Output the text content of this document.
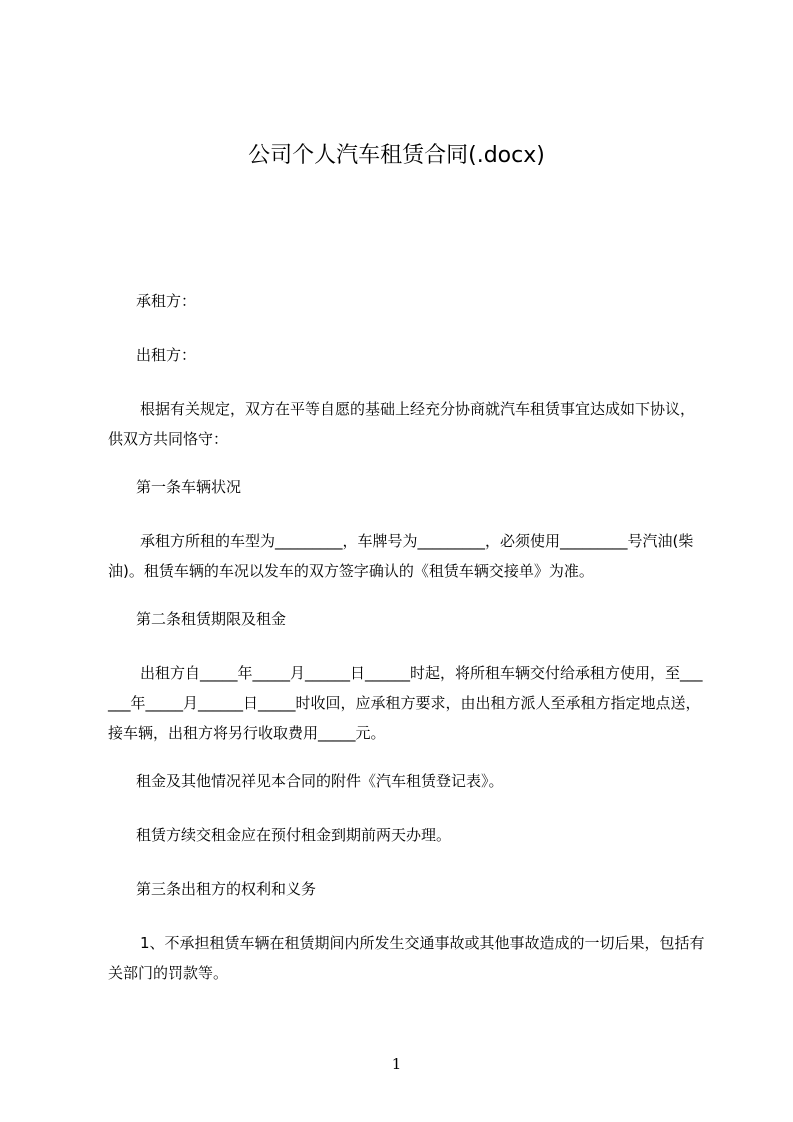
公司个人汽车租赁合同(.docx)
承租方：
出租方：
根据有关规定，双方在平等自愿的基础上经充分协商就汽车租赁事宜达成如下协议，供双方共同恪守：
第一条车辆状况
承租方所租的车型为_________，车牌号为_________，必须使用_________号汽油(柴油)。租赁车辆的车况以发车的双方签字确认的《租赁车辆交接单》为准。
第二条租赁期限及租金
出租方自_____年_____月______日______时起，将所租车辆交付给承租方使用，至______年_____月______日_____时收回，应承租方要求，由出租方派人至承租方指定地点送，接车辆，出租方将另行收取费用_____元。
租金及其他情况祥见本合同的附件《汽车租赁登记表》。
租赁方续交租金应在预付租金到期前两天办理。
第三条出租方的权利和义务
1、不承担租赁车辆在租赁期间内所发生交通事故或其他事故造成的一切后果，包括有关部门的罚款等。
1
